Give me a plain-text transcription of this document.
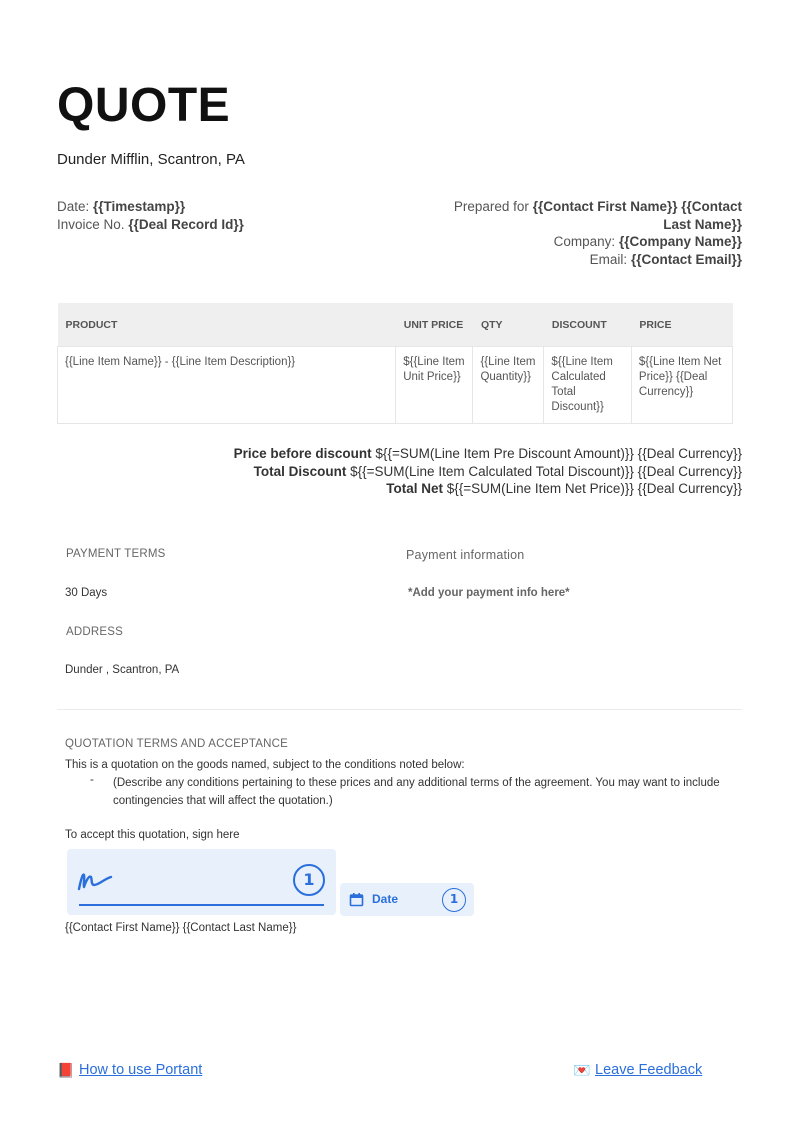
QUOTE
Dunder Mifflin, Scantron, PA
Date: {{Timestamp}}
Invoice No. {{Deal Record Id}}
Prepared for {{Contact First Name}} {{Contact
Last Name}}
Company: {{Company Name}}
Email: {{Contact Email}}
PRODUCT	UNIT PRICE	QTY	DISCOUNT	PRICE
{{Line Item Name}} - {{Line Item Description}}	${{Line Item Unit Price}}	{{Line Item Quantity}}	${{Line Item Calculated Total Discount}}	${{Line Item Net Price}} {{Deal Currency}}
Price before discount ${{=SUM(Line Item Pre Discount Amount)}} {{Deal Currency}}
Total Discount ${{=SUM(Line Item Calculated Total Discount)}} {{Deal Currency}}
Total Net ${{=SUM(Line Item Net Price)}} {{Deal Currency}}
PAYMENT TERMS	Payment information
30 Days	*Add your payment info here*
ADDRESS
Dunder , Scantron, PA
QUOTATION TERMS AND ACCEPTANCE
This is a quotation on the goods named, subject to the conditions noted below:
-	(Describe any conditions pertaining to these prices and any additional terms of the agreement. You may want to include contingencies that will affect the quotation.)
To accept this quotation, sign here
1
Date	1
{{Contact First Name}} {{Contact Last Name}}
📕 How to use Portant	💌 Leave Feedback
